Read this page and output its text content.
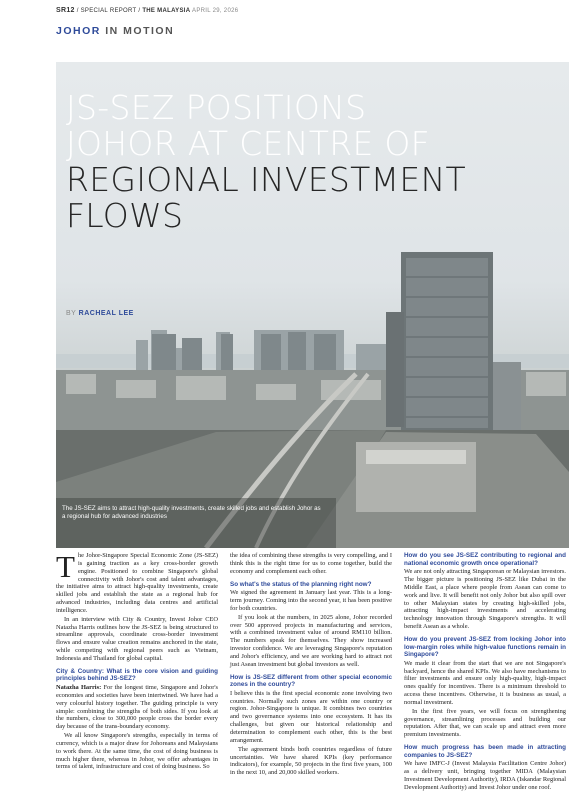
SR12 / SPECIAL REPORT / THE MALAYSIA APRIL 29, 2026
JOHOR IN MOTION
JS-SEZ POSITIONS
JOHOR AT CENTRE OF
REGIONAL INVESTMENT
FLOWS
BY RACHEAL LEE
The JS-SEZ aims to attract high-quality investments, create skilled jobs and establish Johor as a regional hub for advanced industries

The Johor-Singapore Special Economic Zone (JS-SEZ) is gaining traction as a key cross-border growth engine. Positioned to combine Singapore's global connectivity with Johor's cost and talent advantages, the initiative aims to attract high-quality investments, create skilled jobs and establish the state as a regional hub for advanced industries, including data centres and artificial intelligence.

In an interview with City & Country, Invest Johor CEO Natazha Harris outlines how the JS-SEZ is being structured to streamline approvals, coordinate cross-border investment flows and ensure value creation remains anchored in the state, while competing with regional peers such as Vietnam, Indonesia and Thailand for global capital.

City & Country: What is the core vision and guiding principles behind JS-SEZ?

Natazha Harris: For the longest time, Singapore and Johor's economies and societies have been intertwined. We have had a very colourful history together. The guiding principle is very simple: combining the strengths of both sides. If you look at the numbers, close to 300,000 people cross the border every day because of the trans-boundary economy.

We all know Singapore's strengths, especially in terms of currency, which is a major draw for Johoreans and Malaysians to work there. At the same time, the cost of doing business is much higher there, whereas in Johor, we offer advantages in terms of talent, infrastructure and cost of doing business. So

the idea of combining these strengths is very compelling, and I think this is the right time for us to come together, build the economy and complement each other.

So what's the status of the planning right now?

We signed the agreement in January last year. This is a long-term journey. Coming into the second year, it has been positive for both countries.

If you look at the numbers, in 2025 alone, Johor recorded over 500 approved projects in manufacturing and services, with a combined investment value of around RM110 billion. The numbers speak for themselves. They show increased investor confidence. We are leveraging Singapore's reputation and Johor's efficiency, and we are working hard to attract not just Asean investment but global investors as well.

How is JS-SEZ different from other special economic zones in the country?

I believe this is the first special economic zone involving two countries. Normally such zones are within one country or region. Johor-Singapore is unique. It combines two countries and two governance systems into one ecosystem. It has its challenges, but given our historical relationship and determination to complement each other, this is the best arrangement.

The agreement binds both countries regardless of future uncertainties. We have shared KPIs (key performance indicators), for example, 50 projects in the first five years, 100 in the next 10, and 20,000 skilled workers.

How do you see JS-SEZ contributing to regional and national economic growth once operational?

We are not only attracting Singaporean or Malaysian investors. The bigger picture is positioning JS-SEZ like Dubai in the Middle East, a place where people from Asean can come to work and live. It will benefit not only Johor but also spill over to other Malaysian states by creating high-skilled jobs, attracting high-impact investments and accelerating technology innovation through Singapore's strengths. It will benefit Asean as a whole.

How do you prevent JS-SEZ from locking Johor into low-margin roles while high-value functions remain in Singapore?

We made it clear from the start that we are not Singapore's backyard, hence the shared KPIs. We also have mechanisms to filter investments and ensure only high-quality, high-impact ones qualify for incentives. There is a minimum threshold to access these incentives. Otherwise, it is business as usual, a normal investment.

In the first five years, we will focus on strengthening governance, streamlining processes and building our reputation. After that, we can scale up and attract even more premium investments.

How much progress has been made in attracting companies to JS-SEZ?

We have IMFC-J (Invest Malaysia Facilitation Centre Johor) as a delivery unit, bringing together MIDA (Malaysian Investment Development Authority), IRDA (Iskandar Regional Development Authority) and Invest Johor under one roof.
